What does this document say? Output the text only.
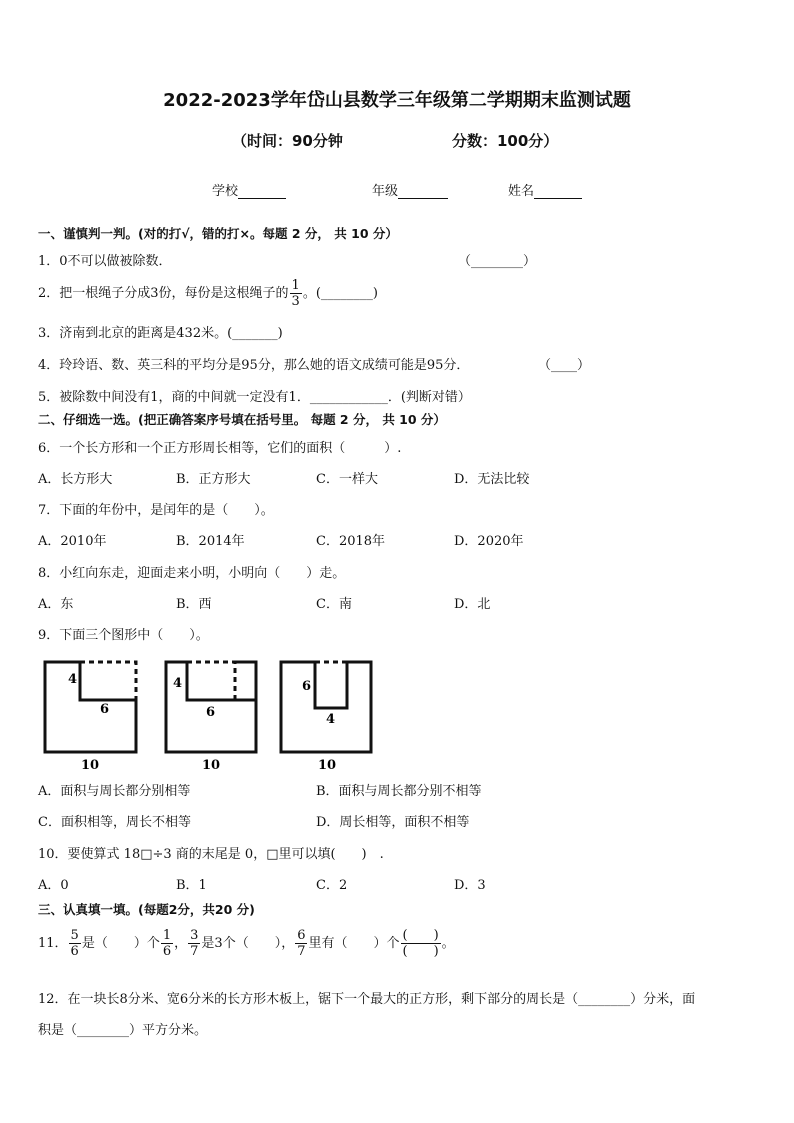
2022-2023学年岱山县数学三年级第二学期期末监测试题
（时间：90分钟	分数：100分）
学校	年级	姓名
一、谨慎判一判。(对的打√，错的打×。每题 2 分， 共 10 分）
1．0不可以做被除数．	（________）
2．把一根绳子分成3份，每份是这根绳子的 $\frac{1}{3}$ 。(________)
3．济南到北京的距离是432米。(_______)
4．玲玲语、数、英三科的平均分是95分，那么她的语文成绩可能是95分．	（____）
5．被除数中间没有1，商的中间就一定没有1．____________．(判断对错）
二、仔细选一选。(把正确答案序号填在括号里。 每题 2 分， 共 10 分）
6．一个长方形和一个正方形周长相等，它们的面积（　　　）.
A．长方形大	B．正方形大	C．一样大	D．无法比较
7．下面的年份中，是闰年的是（　　）。
A．2010年	B．2014年	C．2018年	D．2020年
8．小红向东走，迎面走来小明，小明向（　　）走。
A．东	B．西	C．南	D．北
9．下面三个图形中（　　）。
4
6
10
4
6
10
6
4
10
A．面积与周长都分别相等	B．面积与周长都分别不相等
C．面积相等，周长不相等	D．周长相等，面积不相等
10．要使算式 18□÷3 商的末尾是 0，□里可以填(　　)　.
A．0	B．1	C．2	D．3
三、认真填一填。(每题2分，共20 分)
11． $\frac{5}{6}$ 是（　　）个 $\frac{1}{6}$ ， $\frac{3}{7}$ 是3个（　　）， $\frac{6}{7}$ 里有（　　）个 $\frac{( )}{( )}$ 。
12．在一块长8分米、宽6分米的长方形木板上，锯下一个最大的正方形，剩下部分的周长是（________）分米，面
积是（________）平方分米。
